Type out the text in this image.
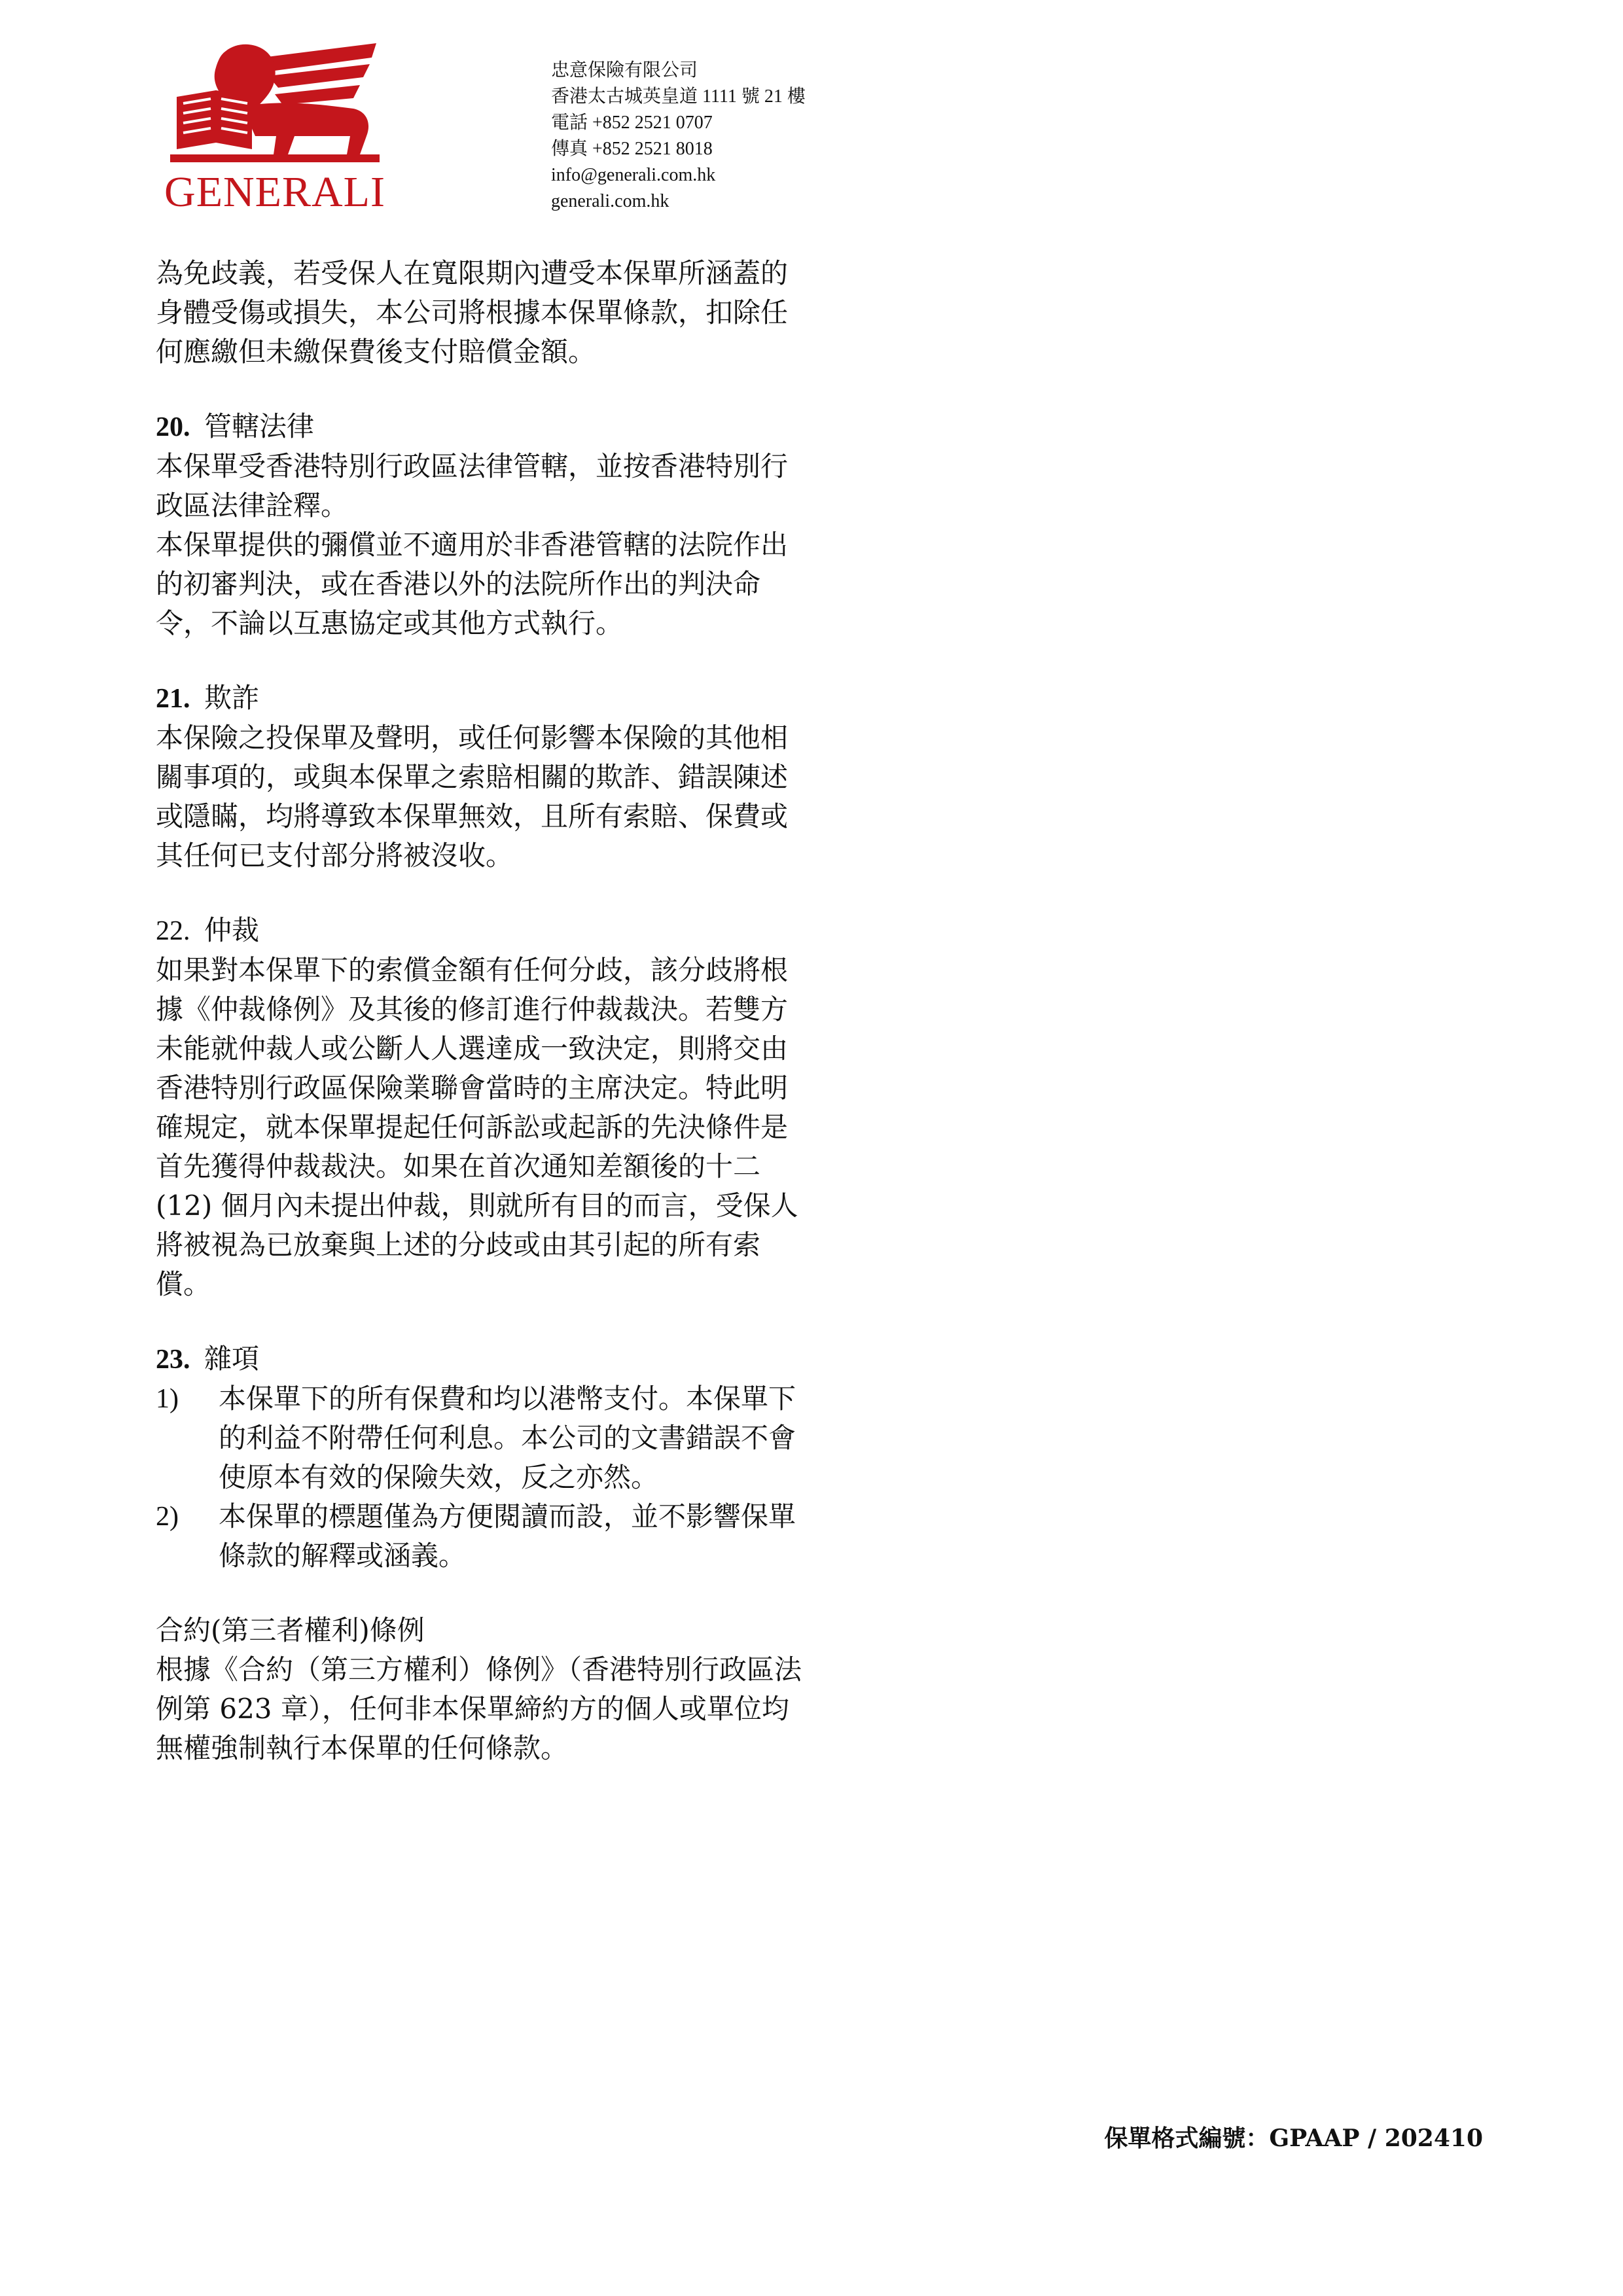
GENERALI
忠意保險有限公司
香港太古城英皇道 1111 號 21 樓
電話 +852 2521 0707
傳真 +852 2521 8018
info@generali.com.hk
generali.com.hk

為免歧義，若受保人在寬限期內遭受本保單所涵蓋的身體受傷或損失，本公司將根據本保單條款，扣除任何應繳但未繳保費後支付賠償金額。

20. 管轄法律

本保單受香港特別行政區法律管轄，並按香港特別行政區法律詮釋。

本保單提供的彌償並不適用於非香港管轄的法院作出的初審判決，或在香港以外的法院所作出的判決命令，不論以互惠協定或其他方式執行。

21. 欺詐

本保險之投保單及聲明，或任何影響本保險的其他相關事項的，或與本保單之索賠相關的欺詐、錯誤陳述或隱瞞，均將導致本保單無效，且所有索賠、保費或其任何已支付部分將被沒收。

22. 仲裁

如果對本保單下的索償金額有任何分歧，該分歧將根據《仲裁條例》及其後的修訂進行仲裁裁決。若雙方未能就仲裁人或公斷人人選達成一致決定，則將交由香港特別行政區保險業聯會當時的主席決定。特此明確規定，就本保單提起任何訴訟或起訴的先決條件是首先獲得仲裁裁決。如果在首次通知差額後的十二 (12) 個月內未提出仲裁，則就所有目的而言，受保人將被視為已放棄與上述的分歧或由其引起的所有索償。

23. 雜項
1)	本保單下的所有保費和均以港幣支付。本保單下的利益不附帶任何利息。本公司的文書錯誤不會使原本有效的保險失效，反之亦然。
2)	本保單的標題僅為方便閱讀而設，並不影響保單條款的解釋或涵義。
合約(第三者權利)條例

根據《合約（第三方權利）條例》（香港特別行政區法例第 623 章），任何非本保單締約方的個人或單位均無權強制執行本保單的任何條款。

保單格式編號：GPAAP / 202410
